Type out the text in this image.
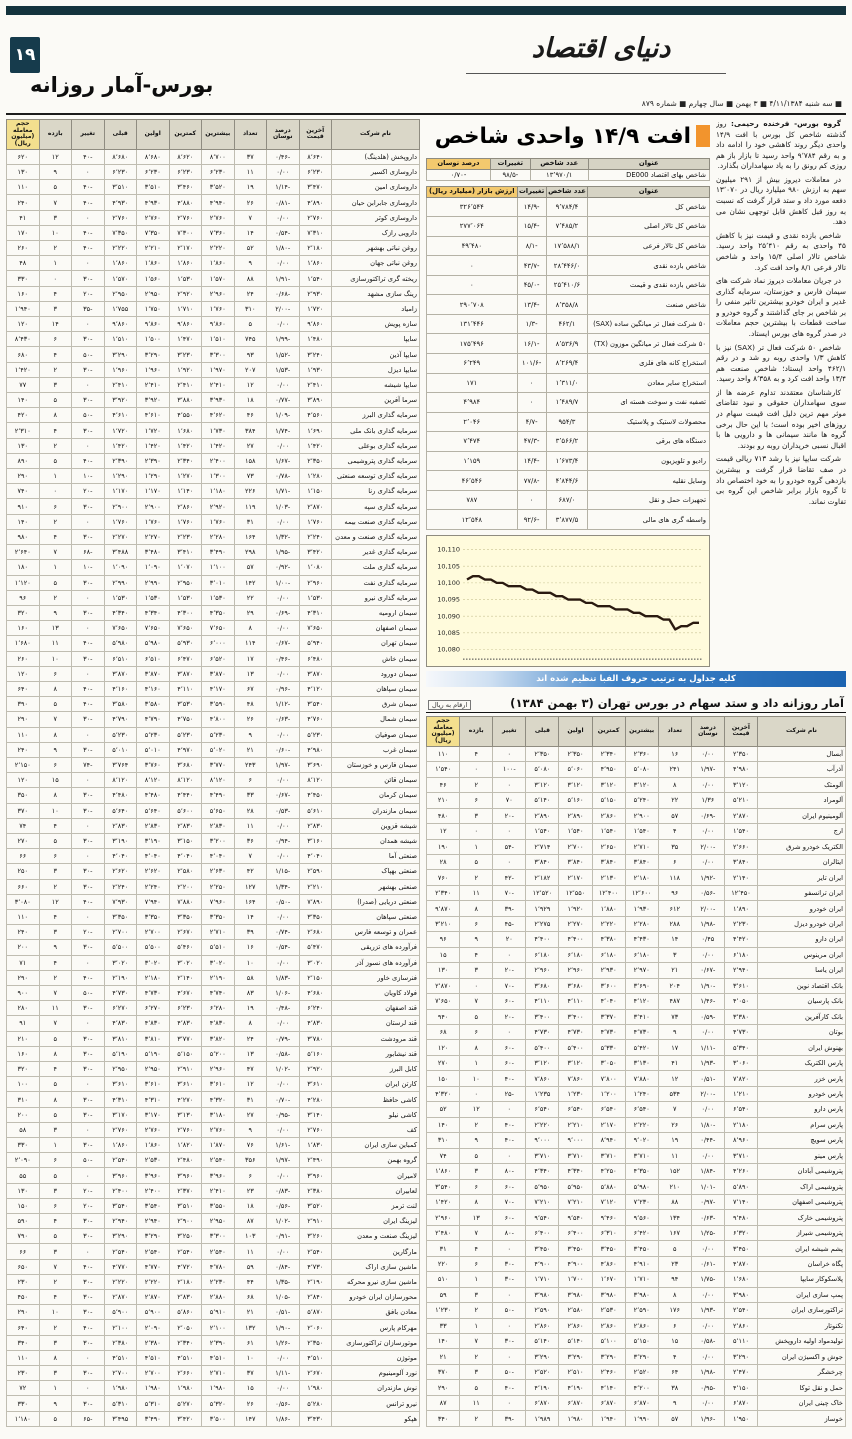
۱۹	دنیای اقتصاد
بورس-آمار روزانه
■ سه شنبه ۴/۱۱/۱۳۸۴ ■ ۳ بهمن ■ سال چهارم ■ شماره ۸۷۹

گروه بورس- فرخنده رحیمی: روز گذشته شاخص کل بورس با افت ۱۴/۹ واحدی دیگر روند کاهشی خود را ادامه داد و به رقم ۹٬۷۸۴ واحد رسید تا بازار باز هم روزی کم رونق را به یاد سهامداران بگذارد.

در معاملات دیروز بیش از ۲۹۱ میلیون سهم به ارزش ۹۸۰ میلیارد ریال در ۱۳٬۰۷۰ دفعه مورد داد و ستد قرار گرفت که نسبت به روز قبل کاهش قابل توجهی نشان می دهد.

شاخص بازده نقدی و قیمت نیز با کاهش ۴۵ واحدی به رقم ۲۵٬۴۱۰ واحد رسید. شاخص تالار اصلی ۱۵/۴ واحد و شاخص تالار فرعی ۸/۱ واحد افت کرد.

در جریان معاملات دیروز نماد شرکت های سیمان فارس و خوزستان، سرمایه گذاری غدیر و ایران خودرو بیشترین تاثیر منفی را بر شاخص بر جای گذاشتند و گروه خودرو و ساخت قطعات با بیشترین حجم معاملات در صدر گروه های بورس ایستاد.

شاخص ۵۰ شرکت فعال تر (SAX) نیز با کاهش ۱/۳ واحدی روبه رو شد و در رقم ۴۶۲/۱ واحد ایستاد؛ شاخص صنعت هم ۱۳/۴ واحد افت کرد و به ۸٬۳۵۸ واحد رسید.

کارشناسان معتقدند تداوم عرضه ها از سوی سهامداران حقوقی و نبود تقاضای موثر مهم ترین دلیل افت قیمت سهام در روزهای اخیر بوده است؛ با این حال برخی گروه ها مانند سیمانی ها و دارویی ها با اقبال نسبی خریداران روبه رو بودند.

شرکت سایپا نیز با رشد ۷۱۳ ریالی قیمت در صف تقاضا قرار گرفت و بیشترین بازدهی گروه خودرو را به خود اختصاص داد تا گروه بازار برابر شاخص این گروه بی تفاوت نماند.

افت ۱۴/۹ واحدی شاخص
عنوان	عدد شاخص	تغییرات	درصد نوسان
شاخص بهای اقتصاد DE000	۱۳٬۹۷۰/۱	-۹۸/۵	-۰/۷۰
عنوان	عدد شاخص	تغییرات	ارزش بازار (میلیارد ریال)
شاخص کل	۹٬۷۸۴/۴	-۱۴/۹	۳۲۶٬۵۴۴
شاخص کل تالار اصلی	۷٬۴۸۵/۲	-۱۵/۴	۲۷۷٬۰۶۴
شاخص کل تالار فرعی	۱۷٬۵۸۸/۱	-۸/۱	۴۹٬۴۸۰
شاخص بازده نقدی	۲۸٬۴۴۶/۰	-۴۳/۷	۰
شاخص بازده نقدی و قیمت	۲۵٬۴۱۰/۶	-۴۵/۰	۰
شاخص صنعت	۸٬۳۵۸/۸	-۱۳/۴	۲۹۰٬۷۰۸
۵۰ شرکت فعال تر میانگین ساده (SAX)	۴۶۲/۱	-۱/۳	۱۳۱٬۴۴۶
۵۰ شرکت فعال تر میانگین موزون (TX)	۸٬۵۳۶/۹	-۱۶/۱	۱۷۵٬۴۹۶
استخراج کانه های فلزی	۸٬۲۶۹/۴	-۱۰۱/۶	۶٬۲۴۹
استخراج سایر معادن	۱٬۳۱۱/۰	۰	۱۷۱
تصفیه نفت و سوخت هسته ای	۱٬۴۸۹/۷	۰	۴٬۹۸۴
محصولات لاستیک و پلاستیک	۹۵۴/۳	-۴/۷	۲٬۰۴۶
دستگاه های برقی	۳٬۵۶۶/۲	-۴۷/۳	۷٬۴۷۴
رادیو و تلویزیون	۱٬۶۷۳/۴	-۱۴/۴	۱٬۱۵۹
وسایل نقلیه	۴٬۸۴۴/۶	-۷۷/۸	۴۶٬۵۴۶
تجهیزات حمل و نقل	۶۸۷/۰	۰	۷۸۷
واسطه گری های مالی	۳٬۸۷۷/۵	-۹۲/۶	۱۲٬۵۴۸
10,080
10,085
10,090
10,095
10,100
10,105
10,110
کلیه جداول به ترتیب حروف الفبا تنظیم شده اند
آمار روزانه داد و ستد سهام در بورس تهران (۳ بهمن ۱۳۸۴)
ارقام به ریال
نام شرکت	آخرین قیمت	درصد نوسان	تعداد	بیشترین	کمترین	اولین	قبلی	تغییر	بازده	حجم معامله (میلیون ریال)
آبسال	۲٬۳۵۰	۰/۰۰	۱۶	۲٬۳۶۰	۲٬۳۴۰	۲٬۳۵۰	۲٬۳۵۰	۰	۴	۱۱۰
آذرآب	۴٬۹۸۰	-۱/۹۷	۲۴۱	۵٬۰۸۰	۴٬۹۵۰	۵٬۰۶۰	۵٬۰۸۰	-۱۰۰	۰	۱٬۵۴۰
آلومتک	۳٬۱۲۰	۰/۰۰	۸	۳٬۱۲۰	۳٬۱۲۰	۳٬۱۲۰	۳٬۱۲۰	۰	۲	۴۶
آلومراد	۵٬۲۱۰	۱/۳۶	۲۲	۵٬۲۴۰	۵٬۱۵۰	۵٬۱۶۰	۵٬۱۴۰	۷۰	۶	۲۱۰
آلومینیوم ایران	۲٬۸۷۰	-۰/۶۹	۵۷	۲٬۹۰۰	۲٬۸۶۰	۲٬۸۹۰	۲٬۸۹۰	-۲۰	۳	۴۸۰
ارج	۱٬۵۴۰	۰/۰۰	۴	۱٬۵۴۰	۱٬۵۴۰	۱٬۵۴۰	۱٬۵۴۰	۰	۰	۱۲
الکتریک خودرو شرق	۲٬۶۶۰	-۲/۰۰	۳۵	۲٬۷۱۰	۲٬۶۵۰	۲٬۷۰۰	۲٬۷۱۴	-۵۴	۱	۱۹۰
ایتالران	۳٬۸۴۰	۰/۰۰	۶	۳٬۸۴۰	۳٬۸۴۰	۳٬۸۴۰	۳٬۸۴۰	۰	۵	۲۸
ایران تایر	۲٬۱۴۰	-۱/۹۲	۱۱۸	۲٬۱۸۰	۲٬۱۳۰	۲٬۱۷۰	۲٬۱۸۲	-۴۲	۲	۷۶۰
ایران ترانسفو	۱۲٬۴۵۰	-۰/۵۶	۹۶	۱۲٬۶۰۰	۱۲٬۴۰۰	۱۲٬۵۵۰	۱۲٬۵۲۰	-۷۰	۱۱	۲٬۳۴۰
ایران خودرو	۱٬۸۹۰	-۲/۰۰	۶۱۲	۱٬۹۳۰	۱٬۸۸۰	۱٬۹۲۰	۱٬۹۲۹	-۳۹	۸	۹٬۸۷۰
ایران خودرو دیزل	۲٬۲۳۰	-۱/۹۸	۲۸۸	۲٬۲۸۰	۲٬۲۲۰	۲٬۲۷۰	۲٬۲۷۵	-۴۵	۶	۳٬۲۱۰
ایران دارو	۴٬۴۲۰	۰/۴۵	۱۴	۴٬۴۳۰	۴٬۳۸۰	۴٬۴۰۰	۴٬۴۰۰	۲۰	۹	۹۶
ایران مرینوس	۶٬۱۸۰	۰/۰۰	۳	۶٬۱۸۰	۶٬۱۸۰	۶٬۱۸۰	۶٬۱۸۰	۰	۴	۱۵
ایران یاسا	۲٬۹۴۰	-۰/۶۷	۲۱	۲٬۹۷۰	۲٬۹۳۰	۲٬۹۶۰	۲٬۹۶۰	-۲۰	۳	۱۳۰
بانک اقتصاد نوین	۳٬۶۱۰	-۱/۹۰	۲۰۴	۳٬۶۹۰	۳٬۶۰۰	۳٬۶۸۰	۳٬۶۸۰	-۷۰	۰	۲٬۸۷۰
بانک پارسیان	۴٬۰۵۰	-۱/۴۶	۴۸۷	۴٬۱۲۰	۴٬۰۴۰	۴٬۱۱۰	۴٬۱۱۰	-۶۰	۷	۷٬۶۵۰
بانک کارآفرین	۳٬۳۸۰	-۰/۵۹	۷۳	۳٬۴۱۰	۳٬۳۷۰	۳٬۴۰۰	۳٬۴۰۰	-۲۰	۵	۹۴۰
بوتان	۴٬۷۳۰	۰/۰۰	۹	۴٬۷۳۰	۴٬۷۳۰	۴٬۷۳۰	۴٬۷۳۰	۰	۶	۶۸
بهنوش ایران	۵٬۳۴۰	-۱/۱۱	۱۷	۵٬۴۲۰	۵٬۳۳۰	۵٬۴۰۰	۵٬۴۰۰	-۶۰	۸	۱۲۰
پارس الکتریک	۳٬۰۶۰	-۱/۹۳	۴۱	۳٬۱۳۰	۳٬۰۵۰	۳٬۱۲۰	۳٬۱۲۰	-۶۰	۱	۲۷۰
پارس خزر	۷٬۸۲۰	-۰/۵۱	۱۲	۷٬۸۸۰	۷٬۸۰۰	۷٬۸۶۰	۷٬۸۶۰	-۴۰	۱۰	۱۵۰
پارس خودرو	۱٬۲۱۰	-۲/۰۰	۵۳۴	۱٬۲۴۰	۱٬۲۰۰	۱٬۲۳۰	۱٬۲۳۵	-۲۵	۰	۴٬۳۲۰
پارس دارو	۶٬۵۴۰	۰/۰۰	۷	۶٬۵۴۰	۶٬۵۴۰	۶٬۵۴۰	۶٬۵۴۰	۰	۱۲	۵۲
پارس سرام	۲٬۱۸۰	-۱/۸۰	۲۶	۲٬۲۲۰	۲٬۱۷۰	۲٬۲۱۰	۲٬۲۲۰	-۴۰	۲	۱۴۰
پارس سویچ	۸٬۹۶۰	-۰/۴۴	۱۹	۹٬۰۲۰	۸٬۹۴۰	۹٬۰۰۰	۹٬۰۰۰	-۴۰	۹	۳۱۰
پارس مینو	۳٬۷۱۰	۰/۰۰	۱۱	۳٬۷۱۰	۳٬۷۱۰	۳٬۷۱۰	۳٬۷۱۰	۰	۵	۷۴
پتروشیمی آبادان	۴٬۲۶۰	-۱/۸۴	۱۵۲	۴٬۳۵۰	۴٬۲۵۰	۴٬۳۴۰	۴٬۳۴۰	-۸۰	۳	۱٬۸۶۰
پتروشیمی اراک	۵٬۸۹۰	-۱/۰۱	۲۱۰	۵٬۹۸۰	۵٬۸۸۰	۵٬۹۵۰	۵٬۹۵۰	-۶۰	۶	۳٬۵۴۰
پتروشیمی اصفهان	۷٬۱۴۰	-۰/۹۷	۸۸	۷٬۲۳۰	۷٬۱۲۰	۷٬۲۱۰	۷٬۲۱۰	-۷۰	۸	۱٬۴۲۰
پتروشیمی خارک	۹٬۴۸۰	-۰/۶۳	۱۳۴	۹٬۵۶۰	۹٬۴۶۰	۹٬۵۴۰	۹٬۵۴۰	-۶۰	۱۳	۲٬۹۶۰
پتروشیمی شیراز	۶٬۳۲۰	-۱/۲۵	۱۶۷	۶٬۴۲۰	۶٬۳۱۰	۶٬۴۰۰	۶٬۴۰۰	-۸۰	۷	۲٬۴۸۰
پشم شیشه ایران	۳٬۴۵۰	۰/۰۰	۵	۳٬۴۵۰	۳٬۴۵۰	۳٬۴۵۰	۳٬۴۵۰	۰	۴	۳۱
پگاه خراسان	۴٬۸۷۰	-۰/۶۱	۲۳	۴٬۹۱۰	۴٬۸۶۰	۴٬۹۰۰	۴٬۹۰۰	-۳۰	۶	۲۲۰
پلاسکوکار سایپا	۱٬۶۸۰	-۱/۷۵	۹۴	۱٬۷۱۰	۱٬۶۷۰	۱٬۷۰۰	۱٬۷۱۰	-۳۰	۱	۵۱۰
پمپ سازی ایران	۳٬۹۸۰	۰/۰۰	۸	۳٬۹۸۰	۳٬۹۸۰	۳٬۹۸۰	۳٬۹۸۰	۰	۳	۵۹
تراکتورسازی ایران	۲٬۵۴۰	-۱/۹۳	۱۷۶	۲٬۵۹۰	۲٬۵۳۰	۲٬۵۸۰	۲٬۵۹۰	-۵۰	۲	۱٬۲۳۰
تکنوتار	۲٬۸۶۰	۰/۰۰	۶	۲٬۸۶۰	۲٬۸۶۰	۲٬۸۶۰	۲٬۸۶۰	۰	۱	۳۳
تولیدمواد اولیه داروپخش	۵٬۱۱۰	-۰/۵۸	۱۵	۵٬۱۵۰	۵٬۱۰۰	۵٬۱۴۰	۵٬۱۴۰	-۳۰	۷	۱۴۰
جوش و اکسیژن ایران	۳٬۲۹۰	۰/۰۰	۴	۳٬۲۹۰	۳٬۲۹۰	۳٬۲۹۰	۳٬۲۹۰	۰	۲	۲۱
چرخشگر	۲٬۴۷۰	-۱/۹۸	۶۴	۲٬۵۲۰	۲٬۴۶۰	۲٬۵۱۰	۲٬۵۲۰	-۵۰	۳	۳۷۰
حمل و نقل توکا	۴٬۱۵۰	-۰/۹۵	۳۸	۴٬۲۰۰	۴٬۱۴۰	۴٬۱۹۰	۴٬۱۹۰	-۴۰	۵	۲۹۰
خاک چینی ایران	۶٬۸۷۰	۰/۰۰	۹	۶٬۸۷۰	۶٬۸۷۰	۶٬۸۷۰	۶٬۸۷۰	۰	۱۱	۸۷
خوساز	۱٬۹۵۰	-۱/۹۶	۵۷	۱٬۹۹۰	۱٬۹۴۰	۱٬۹۸۰	۱٬۹۸۹	-۳۹	۲	۳۴۰
نام شرکت	آخرین قیمت	درصد نوسان	تعداد	بیشترین	کمترین	اولین	قبلی	تغییر	بازده	حجم معامله (میلیون ریال)
داروپخش (هلدینگ)	۸٬۶۴۰	-۰/۴۶	۳۷	۸٬۷۰۰	۸٬۶۲۰	۸٬۶۸۰	۸٬۶۸۰	-۴۰	۱۲	۶۲۰
داروسازی اکسیر	۶٬۲۳۰	۰/۰۰	۱۱	۶٬۲۳۰	۶٬۲۳۰	۶٬۲۳۰	۶٬۲۳۰	۰	۹	۱۳۰
داروسازی امین	۳٬۴۷۰	-۱/۱۴	۱۹	۳٬۵۲۰	۳٬۴۶۰	۳٬۵۱۰	۳٬۵۱۰	-۴۰	۵	۱۱۰
داروسازی جابرابن حیان	۴٬۸۹۰	-۰/۸۱	۲۶	۴٬۹۴۰	۴٬۸۸۰	۴٬۹۳۰	۴٬۹۳۰	-۴۰	۷	۲۴۰
داروسازی کوثر	۲٬۷۶۰	۰/۰۰	۷	۲٬۷۶۰	۲٬۷۶۰	۲٬۷۶۰	۲٬۷۶۰	۰	۳	۴۱
دارویی رازک	۷٬۳۱۰	-۰/۵۴	۱۴	۷٬۳۶۰	۷٬۳۰۰	۷٬۳۵۰	۷٬۳۵۰	-۴۰	۱۰	۱۷۰
روغن نباتی بهشهر	۲٬۱۸۰	-۱/۸۰	۵۲	۲٬۲۲۰	۲٬۱۷۰	۲٬۲۱۰	۲٬۲۲۰	-۴۰	۲	۲۶۰
روغن نباتی جهان	۱٬۸۶۰	۰/۰۰	۹	۱٬۸۶۰	۱٬۸۶۰	۱٬۸۶۰	۱٬۸۶۰	۰	۱	۴۸
ریخته گری تراکتورسازی	۱٬۵۴۰	-۱/۹۱	۸۸	۱٬۵۷۰	۱٬۵۳۰	۱٬۵۶۰	۱٬۵۷۰	-۳۰	۰	۳۳۰
رینگ سازی مشهد	۲٬۹۳۰	-۰/۶۸	۲۴	۲٬۹۶۰	۲٬۹۲۰	۲٬۹۵۰	۲٬۹۵۰	-۲۰	۴	۱۶۰
زامیاد	۱٬۷۲۰	-۲/۰۰	۳۱۰	۱٬۷۶۰	۱٬۷۱۰	۱٬۷۵۰	۱٬۷۵۵	-۳۵	۳	۱٬۹۴۰
سازه پویش	۹٬۸۶۰	۰/۰۰	۵	۹٬۸۶۰	۹٬۸۶۰	۹٬۸۶۰	۹٬۸۶۰	۰	۱۴	۱۲۰
سایپا	۱٬۴۸۰	-۱/۹۹	۷۴۵	۱٬۵۱۰	۱٬۴۷۰	۱٬۵۰۰	۱٬۵۱۰	-۳۰	۶	۸٬۴۳۰
سایپا آذین	۳٬۲۴۰	-۱/۵۲	۹۳	۳٬۳۰۰	۳٬۲۳۰	۳٬۲۹۰	۳٬۲۹۰	-۵۰	۴	۶۸۰
سایپا دیزل	۱٬۹۳۰	-۱/۵۳	۲۰۷	۱٬۹۷۰	۱٬۹۲۰	۱٬۹۶۰	۱٬۹۶۰	-۳۰	۲	۱٬۴۲۰
سایپا شیشه	۲٬۴۱۰	۰/۰۰	۱۲	۲٬۴۱۰	۲٬۴۱۰	۲٬۴۱۰	۲٬۴۱۰	۰	۳	۷۷
سرما آفرین	۳٬۸۹۰	-۰/۷۷	۱۸	۳٬۹۳۰	۳٬۸۸۰	۳٬۹۲۰	۳٬۹۲۰	-۳۰	۵	۱۴۰
سرمایه گذاری البرز	۴٬۵۶۰	-۱/۰۹	۴۶	۴٬۶۲۰	۴٬۵۵۰	۴٬۶۱۰	۴٬۶۱۰	-۵۰	۸	۴۲۰
سرمایه گذاری بانک ملی	۱٬۶۹۰	-۱/۷۴	۳۸۴	۱٬۷۳۰	۱٬۶۸۰	۱٬۷۲۰	۱٬۷۲۰	-۳۰	۴	۲٬۳۱۰
سرمایه گذاری بوعلی	۱٬۴۲۰	۰/۰۰	۲۷	۱٬۴۲۰	۱٬۴۲۰	۱٬۴۲۰	۱٬۴۲۰	۰	۲	۱۳۰
سرمایه گذاری پتروشیمی	۲٬۳۵۰	-۱/۶۷	۱۵۸	۲٬۴۰۰	۲٬۳۴۰	۲٬۳۹۰	۲٬۳۹۰	-۴۰	۵	۸۹۰
سرمایه گذاری توسعه صنعتی	۱٬۲۸۰	-۰/۷۸	۷۳	۱٬۳۰۰	۱٬۲۷۰	۱٬۲۹۰	۱٬۲۹۰	-۱۰	۱	۲۹۰
سرمایه گذاری رنا	۱٬۱۵۰	-۱/۷۱	۲۲۶	۱٬۱۸۰	۱٬۱۴۰	۱٬۱۷۰	۱٬۱۷۰	-۲۰	۰	۷۴۰
سرمایه گذاری سپه	۲٬۸۷۰	-۱/۰۳	۱۱۹	۲٬۹۲۰	۲٬۸۶۰	۲٬۹۰۰	۲٬۹۰۰	-۳۰	۶	۹۱۰
سرمایه گذاری صنعت بیمه	۱٬۷۶۰	۰/۰۰	۳۱	۱٬۷۶۰	۱٬۷۶۰	۱٬۷۶۰	۱٬۷۶۰	۰	۲	۱۴۰
سرمایه گذاری صنعت و معدن	۲٬۲۴۰	-۱/۳۲	۱۶۴	۲٬۲۸۰	۲٬۲۳۰	۲٬۲۷۰	۲٬۲۷۰	-۳۰	۴	۹۸۰
سرمایه گذاری غدیر	۳٬۴۲۰	-۱/۹۵	۲۹۸	۳٬۴۹۰	۳٬۴۱۰	۳٬۴۸۰	۳٬۴۸۸	-۶۸	۷	۲٬۶۴۰
سرمایه گذاری ملت	۱٬۰۸۰	-۰/۹۲	۵۷	۱٬۱۰۰	۱٬۰۷۰	۱٬۰۹۰	۱٬۰۹۰	-۱۰	۱	۱۸۰
سرمایه گذاری نفت	۲٬۹۶۰	-۱/۰۰	۱۴۲	۳٬۰۱۰	۲٬۹۵۰	۲٬۹۹۰	۲٬۹۹۰	-۳۰	۵	۱٬۱۲۰
سرمایه گذاری نیرو	۱٬۵۳۰	۰/۰۰	۲۲	۱٬۵۳۰	۱٬۵۳۰	۱٬۵۳۰	۱٬۵۳۰	۰	۲	۹۶
سیمان ارومیه	۴٬۳۱۰	-۰/۶۹	۲۹	۴٬۳۵۰	۴٬۳۰۰	۴٬۳۴۰	۴٬۳۴۰	-۳۰	۹	۳۲۰
سیمان اصفهان	۷٬۶۵۰	۰/۰۰	۸	۷٬۶۵۰	۷٬۶۵۰	۷٬۶۵۰	۷٬۶۵۰	۰	۱۳	۱۶۰
سیمان تهران	۵٬۹۴۰	-۰/۶۷	۱۱۴	۶٬۰۰۰	۵٬۹۳۰	۵٬۹۸۰	۵٬۹۸۰	-۴۰	۱۱	۱٬۶۸۰
سیمان خاش	۶٬۴۸۰	-۰/۴۶	۱۷	۶٬۵۲۰	۶٬۴۷۰	۶٬۵۱۰	۶٬۵۱۰	-۳۰	۱۰	۲۶۰
سیمان دورود	۳٬۸۷۰	۰/۰۰	۱۳	۳٬۸۷۰	۳٬۸۷۰	۳٬۸۷۰	۳٬۸۷۰	۰	۶	۱۲۰
سیمان سپاهان	۴٬۱۲۰	-۰/۹۶	۶۷	۴٬۱۷۰	۴٬۱۱۰	۴٬۱۶۰	۴٬۱۶۰	-۴۰	۸	۶۴۰
سیمان شرق	۳٬۵۴۰	-۱/۱۲	۴۸	۳٬۵۹۰	۳٬۵۳۰	۳٬۵۸۰	۳٬۵۸۰	-۴۰	۵	۳۹۰
سیمان شمال	۴٬۷۶۰	-۰/۶۳	۲۶	۴٬۸۰۰	۴٬۷۵۰	۴٬۷۹۰	۴٬۷۹۰	-۳۰	۷	۲۹۰
سیمان صوفیان	۵٬۲۳۰	۰/۰۰	۹	۵٬۲۳۰	۵٬۲۳۰	۵٬۲۳۰	۵٬۲۳۰	۰	۸	۱۱۰
سیمان غرب	۴٬۹۸۰	-۰/۶۰	۲۱	۵٬۰۲۰	۴٬۹۷۰	۵٬۰۱۰	۵٬۰۱۰	-۳۰	۹	۲۴۰
سیمان فارس و خوزستان	۳٬۶۹۰	-۱/۹۷	۲۴۳	۳٬۷۷۰	۳٬۶۸۰	۳٬۷۶۰	۳٬۷۶۴	-۷۴	۶	۲٬۱۵۰
سیمان قائن	۸٬۱۲۰	۰/۰۰	۶	۸٬۱۲۰	۸٬۱۲۰	۸٬۱۲۰	۸٬۱۲۰	۰	۱۵	۱۲۰
سیمان کرمان	۴٬۴۵۰	-۰/۶۷	۳۳	۴٬۴۹۰	۴٬۴۴۰	۴٬۴۸۰	۴٬۴۸۰	-۳۰	۸	۳۵۰
سیمان مازندران	۵٬۶۱۰	-۰/۵۳	۲۸	۵٬۶۵۰	۵٬۶۰۰	۵٬۶۴۰	۵٬۶۴۰	-۳۰	۱۰	۳۷۰
شیشه قزوین	۲٬۸۳۰	۰/۰۰	۱۱	۲٬۸۳۰	۲٬۸۳۰	۲٬۸۳۰	۲٬۸۳۰	۰	۴	۷۴
شیشه همدان	۳٬۱۶۰	-۰/۹۴	۳۶	۳٬۲۰۰	۳٬۱۵۰	۳٬۱۹۰	۳٬۱۹۰	-۳۰	۵	۲۷۰
صنعتی آما	۴٬۰۴۰	۰/۰۰	۷	۴٬۰۴۰	۴٬۰۴۰	۴٬۰۴۰	۴٬۰۴۰	۰	۶	۶۶
صنعتی بهپاک	۲٬۵۹۰	-۱/۱۵	۴۲	۲٬۶۳۰	۲٬۵۸۰	۲٬۶۲۰	۲٬۶۲۰	-۳۰	۳	۲۵۰
صنعتی بهشهر	۲٬۲۱۰	-۱/۳۴	۱۲۷	۲٬۲۵۰	۲٬۲۰۰	۲٬۲۴۰	۲٬۲۴۰	-۳۰	۲	۶۶۰
صنعتی دریایی (صدرا)	۷٬۸۹۰	-۰/۵۰	۱۶۴	۷٬۹۶۰	۷٬۸۸۰	۷٬۹۴۰	۷٬۹۳۰	-۴۰	۱۲	۳٬۰۸۰
صنعتی سپاهان	۳٬۳۵۰	۰/۰۰	۱۴	۳٬۳۵۰	۳٬۳۵۰	۳٬۳۵۰	۳٬۳۵۰	۰	۴	۱۱۰
عمران و توسعه فارس	۲٬۶۸۰	-۰/۷۴	۳۹	۲٬۷۱۰	۲٬۶۷۰	۲٬۷۰۰	۲٬۷۰۰	-۲۰	۳	۲۴۰
فرآورده های تزریقی	۵٬۴۷۰	-۰/۵۴	۱۶	۵٬۵۱۰	۵٬۴۶۰	۵٬۵۰۰	۵٬۵۰۰	-۳۰	۹	۲۰۰
فرآورده های نسوز آذر	۳٬۰۲۰	۰/۰۰	۱۰	۳٬۰۲۰	۳٬۰۲۰	۳٬۰۲۰	۳٬۰۲۰	۰	۴	۷۱
فنرسازی خاور	۲٬۱۵۰	-۱/۸۳	۵۸	۲٬۱۹۰	۲٬۱۴۰	۲٬۱۸۰	۲٬۱۹۰	-۴۰	۲	۲۹۰
فولاد کاویان	۴٬۶۸۰	-۱/۰۶	۸۳	۴٬۷۴۰	۴٬۶۷۰	۴٬۷۳۰	۴٬۷۳۰	-۵۰	۷	۹۰۰
قند اصفهان	۶٬۲۴۰	-۰/۴۸	۱۹	۶٬۲۸۰	۶٬۲۳۰	۶٬۲۷۰	۶٬۲۷۰	-۳۰	۱۱	۲۸۰
قند لرستان	۴٬۸۳۰	۰/۰۰	۸	۴٬۸۳۰	۴٬۸۳۰	۴٬۸۳۰	۴٬۸۳۰	۰	۷	۹۱
قند مرودشت	۳٬۷۸۰	-۰/۷۹	۲۴	۳٬۸۲۰	۳٬۷۷۰	۳٬۸۱۰	۳٬۸۱۰	-۳۰	۵	۲۱۰
قند نیشابور	۵٬۱۶۰	-۰/۵۸	۱۳	۵٬۲۰۰	۵٬۱۵۰	۵٬۱۹۰	۵٬۱۹۰	-۳۰	۸	۱۶۰
کابل البرز	۲٬۹۲۰	-۱/۰۲	۴۷	۲٬۹۶۰	۲٬۹۱۰	۲٬۹۵۰	۲٬۹۵۰	-۳۰	۴	۳۲۰
کارتن ایران	۳٬۶۱۰	۰/۰۰	۱۲	۳٬۶۱۰	۳٬۶۱۰	۳٬۶۱۰	۳٬۶۱۰	۰	۵	۱۰۰
کاشی حافظ	۴٬۲۸۰	-۰/۷۰	۳۱	۴٬۳۲۰	۴٬۲۷۰	۴٬۳۱۰	۴٬۳۱۰	-۳۰	۸	۳۱۰
کاشی نیلو	۳٬۱۴۰	-۰/۹۵	۲۷	۳٬۱۸۰	۳٬۱۳۰	۳٬۱۷۰	۳٬۱۷۰	-۳۰	۵	۲۰۰
کف	۲٬۷۶۰	۰/۰۰	۹	۲٬۷۶۰	۲٬۷۶۰	۲٬۷۶۰	۲٬۷۶۰	۰	۳	۵۸
کمباین سازی ایران	۱٬۸۳۰	-۱/۶۱	۷۶	۱٬۸۷۰	۱٬۸۲۰	۱٬۸۶۰	۱٬۸۶۰	-۳۰	۱	۳۳۰
گروه بهمن	۲٬۴۹۰	-۱/۹۷	۳۵۶	۲٬۵۴۰	۲٬۴۸۰	۲٬۵۳۰	۲٬۵۴۰	-۵۰	۶	۲٬۰۹۰
لامیران	۳٬۹۶۰	۰/۰۰	۶	۳٬۹۶۰	۳٬۹۶۰	۳٬۹۶۰	۳٬۹۶۰	۰	۵	۵۵
لعابیران	۲٬۳۸۰	-۰/۸۳	۲۳	۲٬۴۱۰	۲٬۳۷۰	۲٬۴۰۰	۲٬۴۰۰	-۲۰	۳	۱۳۰
لنت ترمز	۳٬۵۲۰	-۰/۵۶	۱۸	۳٬۵۵۰	۳٬۵۱۰	۳٬۵۴۰	۳٬۵۴۰	-۲۰	۶	۱۵۰
لیزینگ ایران	۲٬۹۱۰	-۱/۰۲	۸۷	۲٬۹۵۰	۲٬۹۰۰	۲٬۹۴۰	۲٬۹۴۰	-۳۰	۴	۵۹۰
لیزینگ صنعت و معدن	۳٬۲۶۰	-۰/۹۱	۱۰۳	۳٬۳۰۰	۳٬۲۵۰	۳٬۲۹۰	۳٬۲۹۰	-۳۰	۵	۷۹۰
مارگارین	۲٬۵۴۰	۰/۰۰	۱۱	۲٬۵۴۰	۲٬۵۴۰	۲٬۵۴۰	۲٬۵۴۰	۰	۳	۶۶
ماشین سازی اراک	۴٬۷۳۰	-۰/۸۴	۵۹	۴٬۷۸۰	۴٬۷۲۰	۴٬۷۷۰	۴٬۷۷۰	-۴۰	۷	۶۵۰
ماشین سازی نیرو محرکه	۲٬۱۹۰	-۱/۳۵	۴۴	۲٬۲۳۰	۲٬۱۸۰	۲٬۲۲۰	۲٬۲۲۰	-۳۰	۲	۲۳۰
محورسازان ایران خودرو	۲٬۸۴۰	-۱/۰۵	۶۸	۲٬۸۸۰	۲٬۸۳۰	۲٬۸۷۰	۲٬۸۷۰	-۳۰	۴	۴۵۰
معادن بافق	۵٬۸۷۰	-۰/۵۱	۲۱	۵٬۹۱۰	۵٬۸۶۰	۵٬۹۰۰	۵٬۹۰۰	-۳۰	۱۰	۲۹۰
مهرکام پارس	۲٬۰۶۰	-۱/۹۰	۱۳۲	۲٬۱۰۰	۲٬۰۵۰	۲٬۰۹۰	۲٬۱۰۰	-۴۰	۲	۶۴۰
موتورسازان تراکتورسازی	۲٬۳۵۰	-۱/۲۶	۶۱	۲٬۳۹۰	۲٬۳۴۰	۲٬۳۸۰	۲٬۳۸۰	-۳۰	۳	۳۴۰
موتوژن	۴٬۵۱۰	۰/۰۰	۱۰	۴٬۵۱۰	۴٬۵۱۰	۴٬۵۱۰	۴٬۵۱۰	۰	۸	۱۱۰
نورد آلومینیوم	۲٬۶۷۰	-۱/۱۱	۳۷	۲٬۷۱۰	۲٬۶۶۰	۲٬۷۰۰	۲٬۷۰۰	-۳۰	۳	۲۳۰
نوش مازندران	۱٬۹۸۰	۰/۰۰	۱۵	۱٬۹۸۰	۱٬۹۸۰	۱٬۹۸۰	۱٬۹۸۰	۰	۱	۷۲
نیرو ترانس	۵٬۲۸۰	-۰/۵۶	۲۶	۵٬۳۲۰	۵٬۲۷۰	۵٬۳۱۰	۵٬۳۱۰	-۳۰	۹	۳۳۰
هپکو	۳٬۴۳۰	-۱/۸۶	۱۴۷	۳٬۵۰۰	۳٬۴۲۰	۳٬۴۹۰	۳٬۴۹۵	-۶۵	۵	۱٬۱۸۰
